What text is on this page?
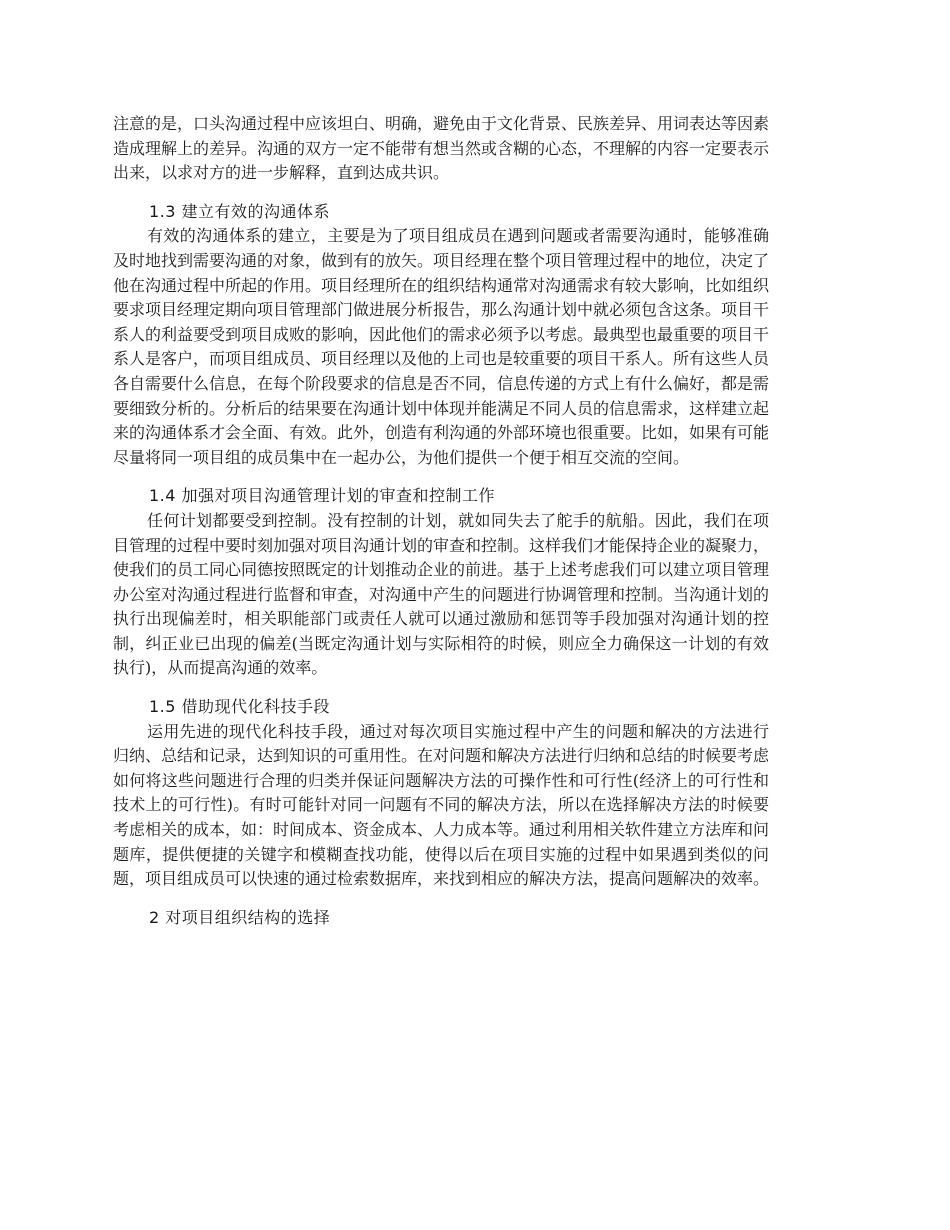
注意的是，口头沟通过程中应该坦白、明确，避免由于文化背景、民族差异、用词表达等因素造成理解上的差异。沟通的双方一定不能带有想当然或含糊的心态，不理解的内容一定要表示出来，以求对方的进一步解释，直到达成共识。

1.3 建立有效的沟通体系

有效的沟通体系的建立，主要是为了项目组成员在遇到问题或者需要沟通时，能够准确及时地找到需要沟通的对象，做到有的放矢。项目经理在整个项目管理过程中的地位，决定了他在沟通过程中所起的作用。项目经理所在的组织结构通常对沟通需求有较大影响，比如组织要求项目经理定期向项目管理部门做进展分析报告，那么沟通计划中就必须包含这条。项目干系人的利益要受到项目成败的影响，因此他们的需求必须予以考虑。最典型也最重要的项目干系人是客户，而项目组成员、项目经理以及他的上司也是较重要的项目干系人。所有这些人员各自需要什么信息，在每个阶段要求的信息是否不同，信息传递的方式上有什么偏好，都是需要细致分析的。分析后的结果要在沟通计划中体现并能满足不同人员的信息需求，这样建立起来的沟通体系才会全面、有效。此外，创造有利沟通的外部环境也很重要。比如，如果有可能尽量将同一项目组的成员集中在一起办公，为他们提供一个便于相互交流的空间。

1.4 加强对项目沟通管理计划的审查和控制工作

任何计划都要受到控制。没有控制的计划，就如同失去了舵手的航船。因此，我们在项目管理的过程中要时刻加强对项目沟通计划的审查和控制。这样我们才能保持企业的凝聚力，使我们的员工同心同德按照既定的计划推动企业的前进。基于上述考虑我们可以建立项目管理办公室对沟通过程进行监督和审查，对沟通中产生的问题进行协调管理和控制。当沟通计划的执行出现偏差时，相关职能部门或责任人就可以通过激励和惩罚等手段加强对沟通计划的控制，纠正业已出现的偏差(当既定沟通计划与实际相符的时候，则应全力确保这一计划的有效执行)，从而提高沟通的效率。

1.5 借助现代化科技手段

运用先进的现代化科技手段，通过对每次项目实施过程中产生的问题和解决的方法进行归纳、总结和记录，达到知识的可重用性。在对问题和解决方法进行归纳和总结的时候要考虑如何将这些问题进行合理的归类并保证问题解决方法的可操作性和可行性(经济上的可行性和技术上的可行性)。有时可能针对同一问题有不同的解决方法，所以在选择解决方法的时候要考虑相关的成本，如：时间成本、资金成本、人力成本等。通过利用相关软件建立方法库和问题库，提供便捷的关键字和模糊查找功能，使得以后在项目实施的过程中如果遇到类似的问题，项目组成员可以快速的通过检索数据库，来找到相应的解决方法，提高问题解决的效率。

2 对项目组织结构的选择
